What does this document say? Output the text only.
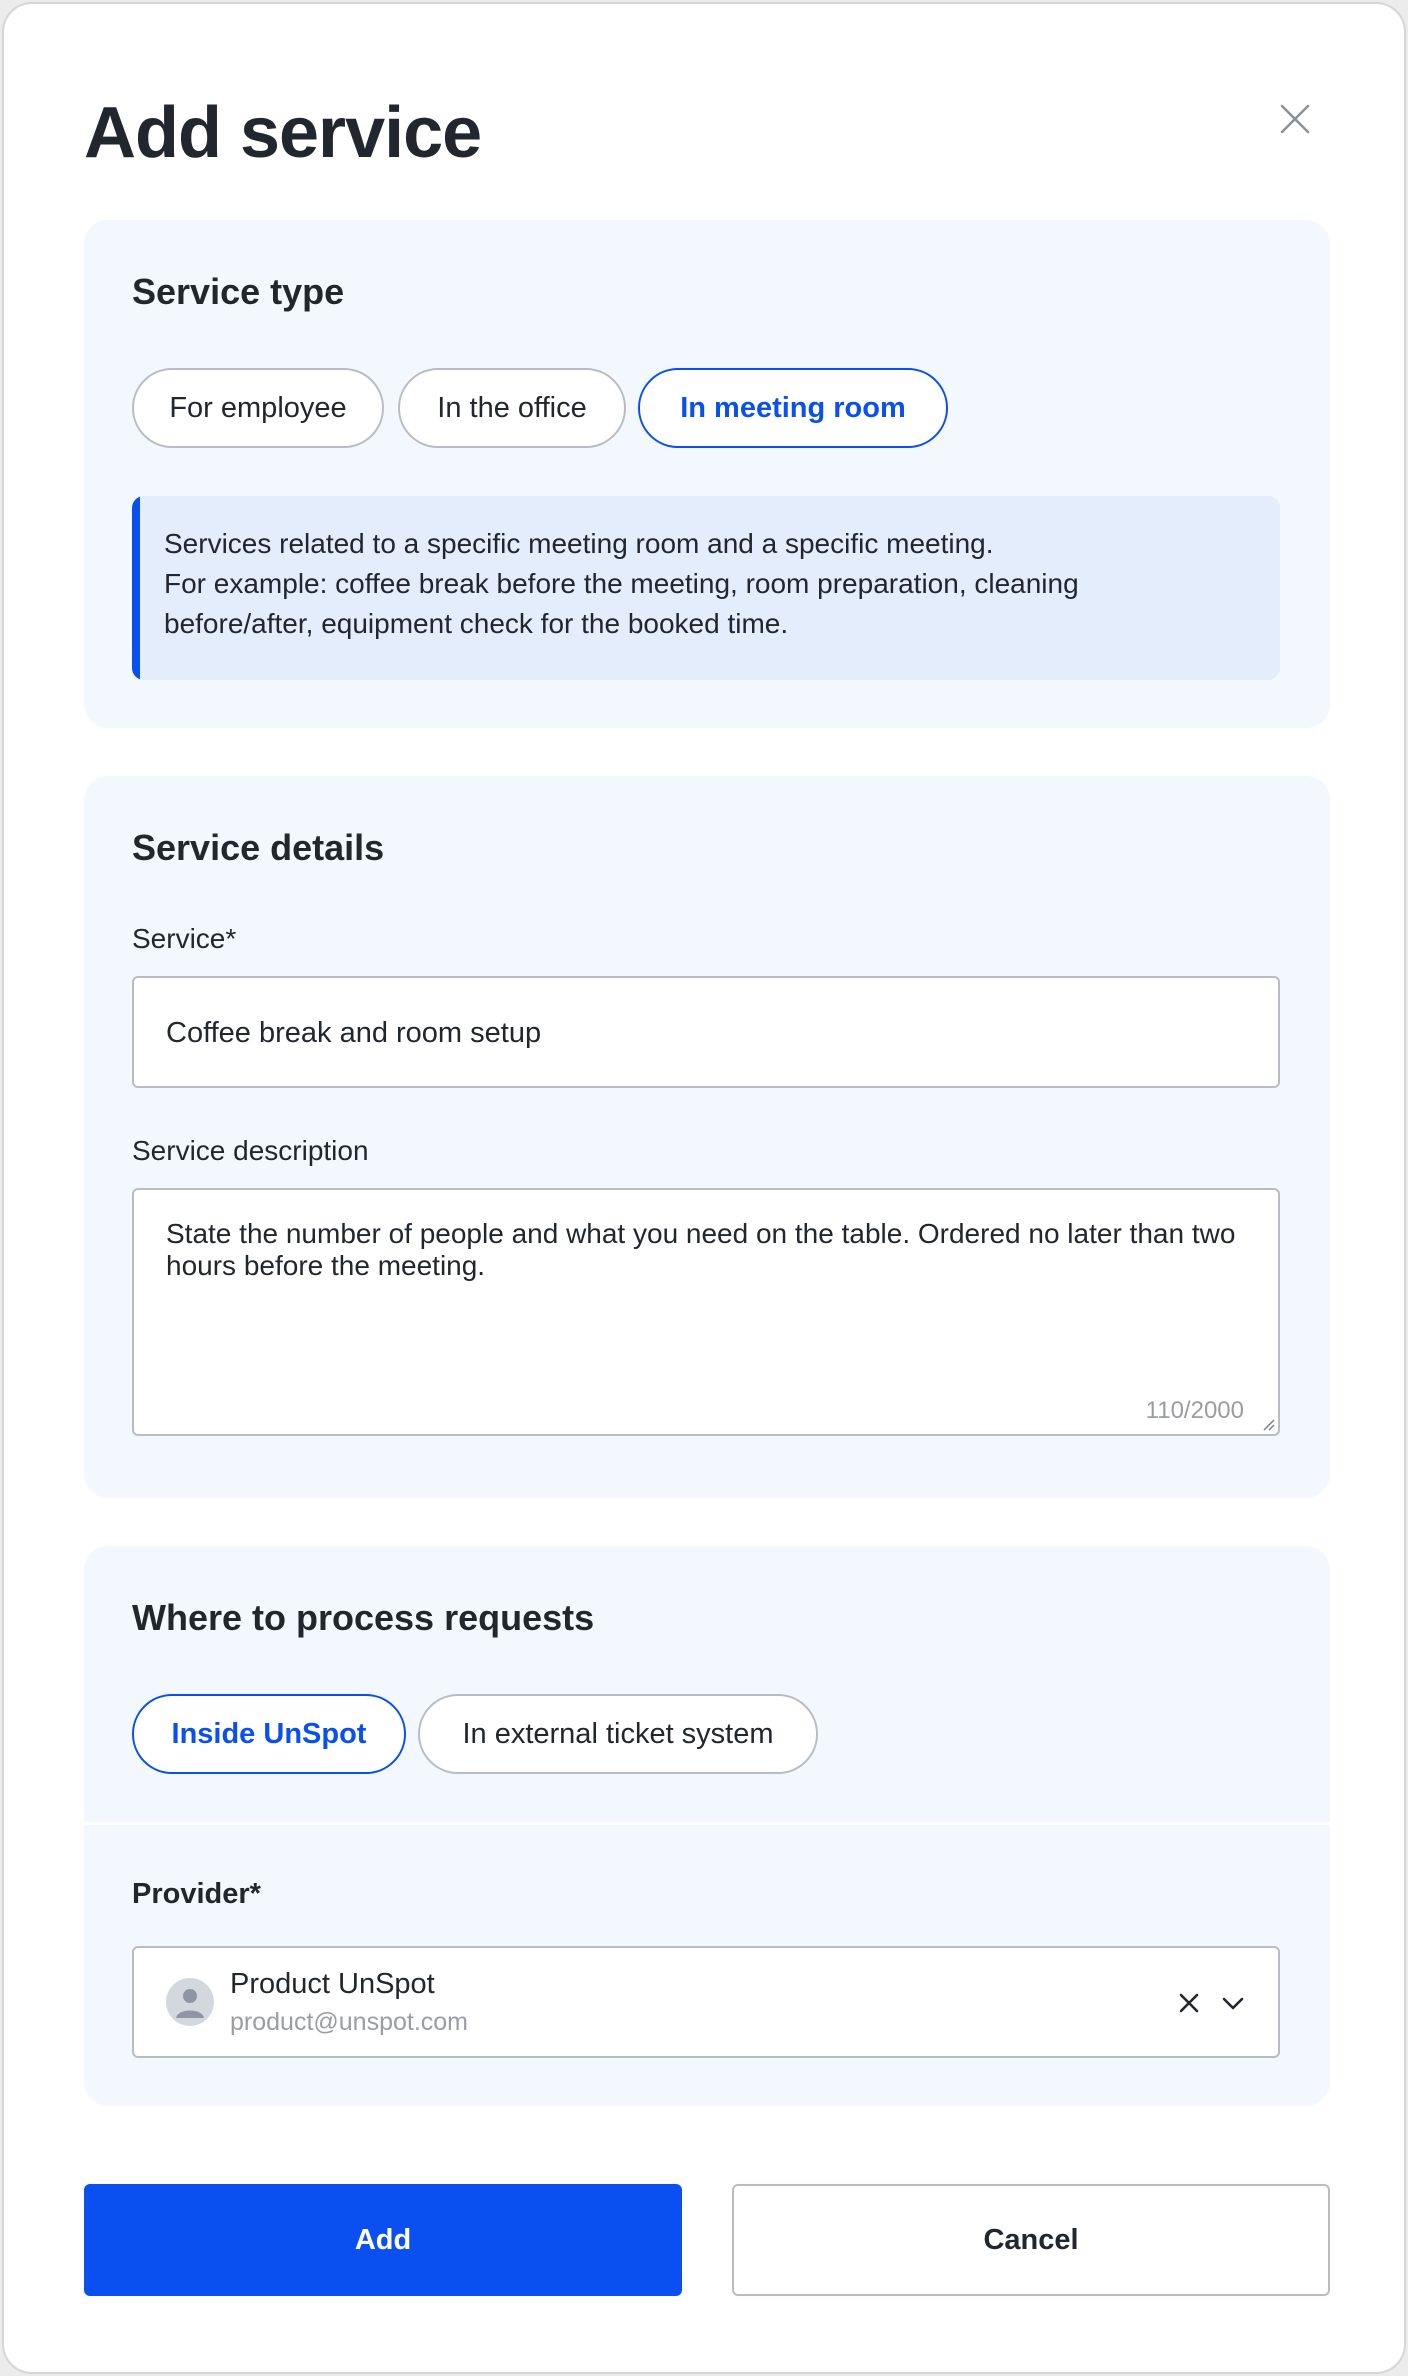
Add service
Service type
For employee	In the office	In meeting room
Services related to a specific meeting room and a specific meeting.
For example: coffee break before the meeting, room preparation, cleaning
before/after, equipment check for the booked time.
Service details
Service*
Coffee break and room setup
Service description
State the number of people and what you need on the table. Ordered no later than two hours before the meeting.
110/2000
Where to process requests
Inside UnSpot	In external ticket system
Provider*
Product UnSpot
product@unspot.com
Add	Cancel
